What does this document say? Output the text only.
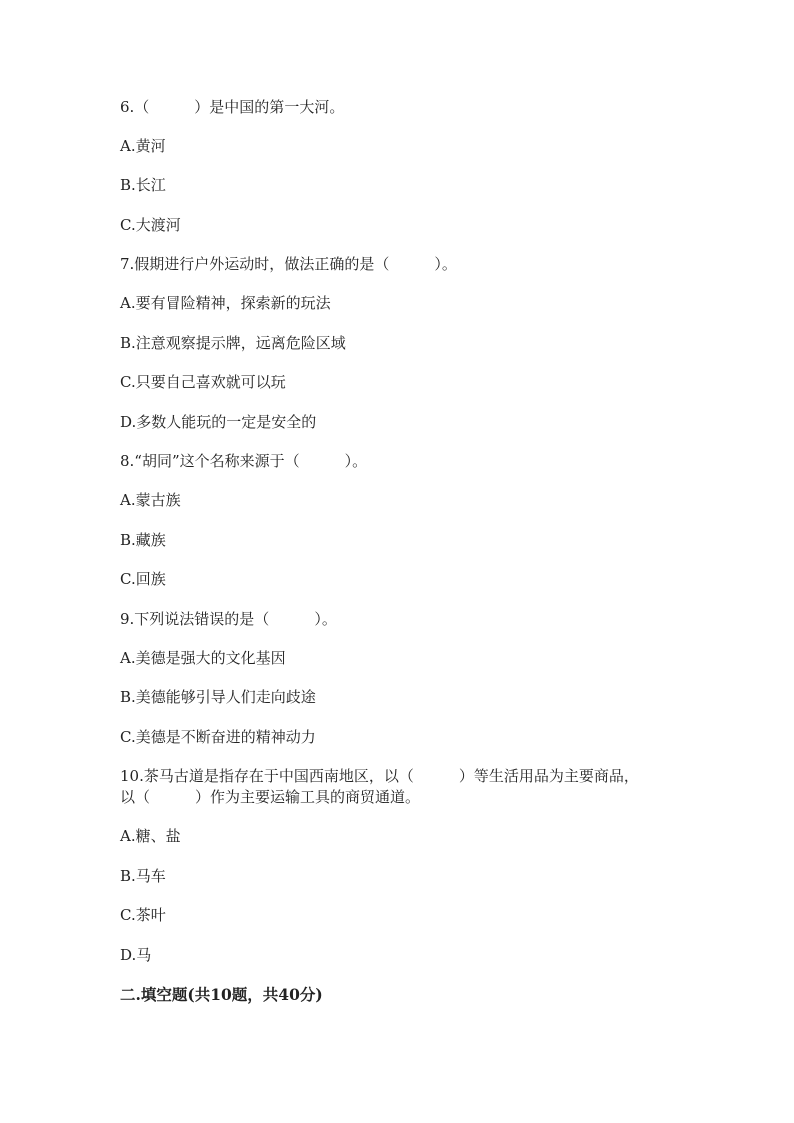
6.（　　　）是中国的第一大河。
A.黄河
B.长江
C.大渡河
7.假期进行户外运动时，做法正确的是（　　　）。
A.要有冒险精神，探索新的玩法
B.注意观察提示牌，远离危险区域
C.只要自己喜欢就可以玩
D.多数人能玩的一定是安全的
8.“胡同”这个名称来源于（　　　）。
A.蒙古族
B.藏族
C.回族
9.下列说法错误的是（　　　）。
A.美德是强大的文化基因
B.美德能够引导人们走向歧途
C.美德是不断奋进的精神动力
10.茶马古道是指存在于中国西南地区，以（　　　）等生活用品为主要商品，
以（　　　）作为主要运输工具的商贸通道。
A.糖、盐
B.马车
C.茶叶
D.马
二.填空题(共10题，共40分)
